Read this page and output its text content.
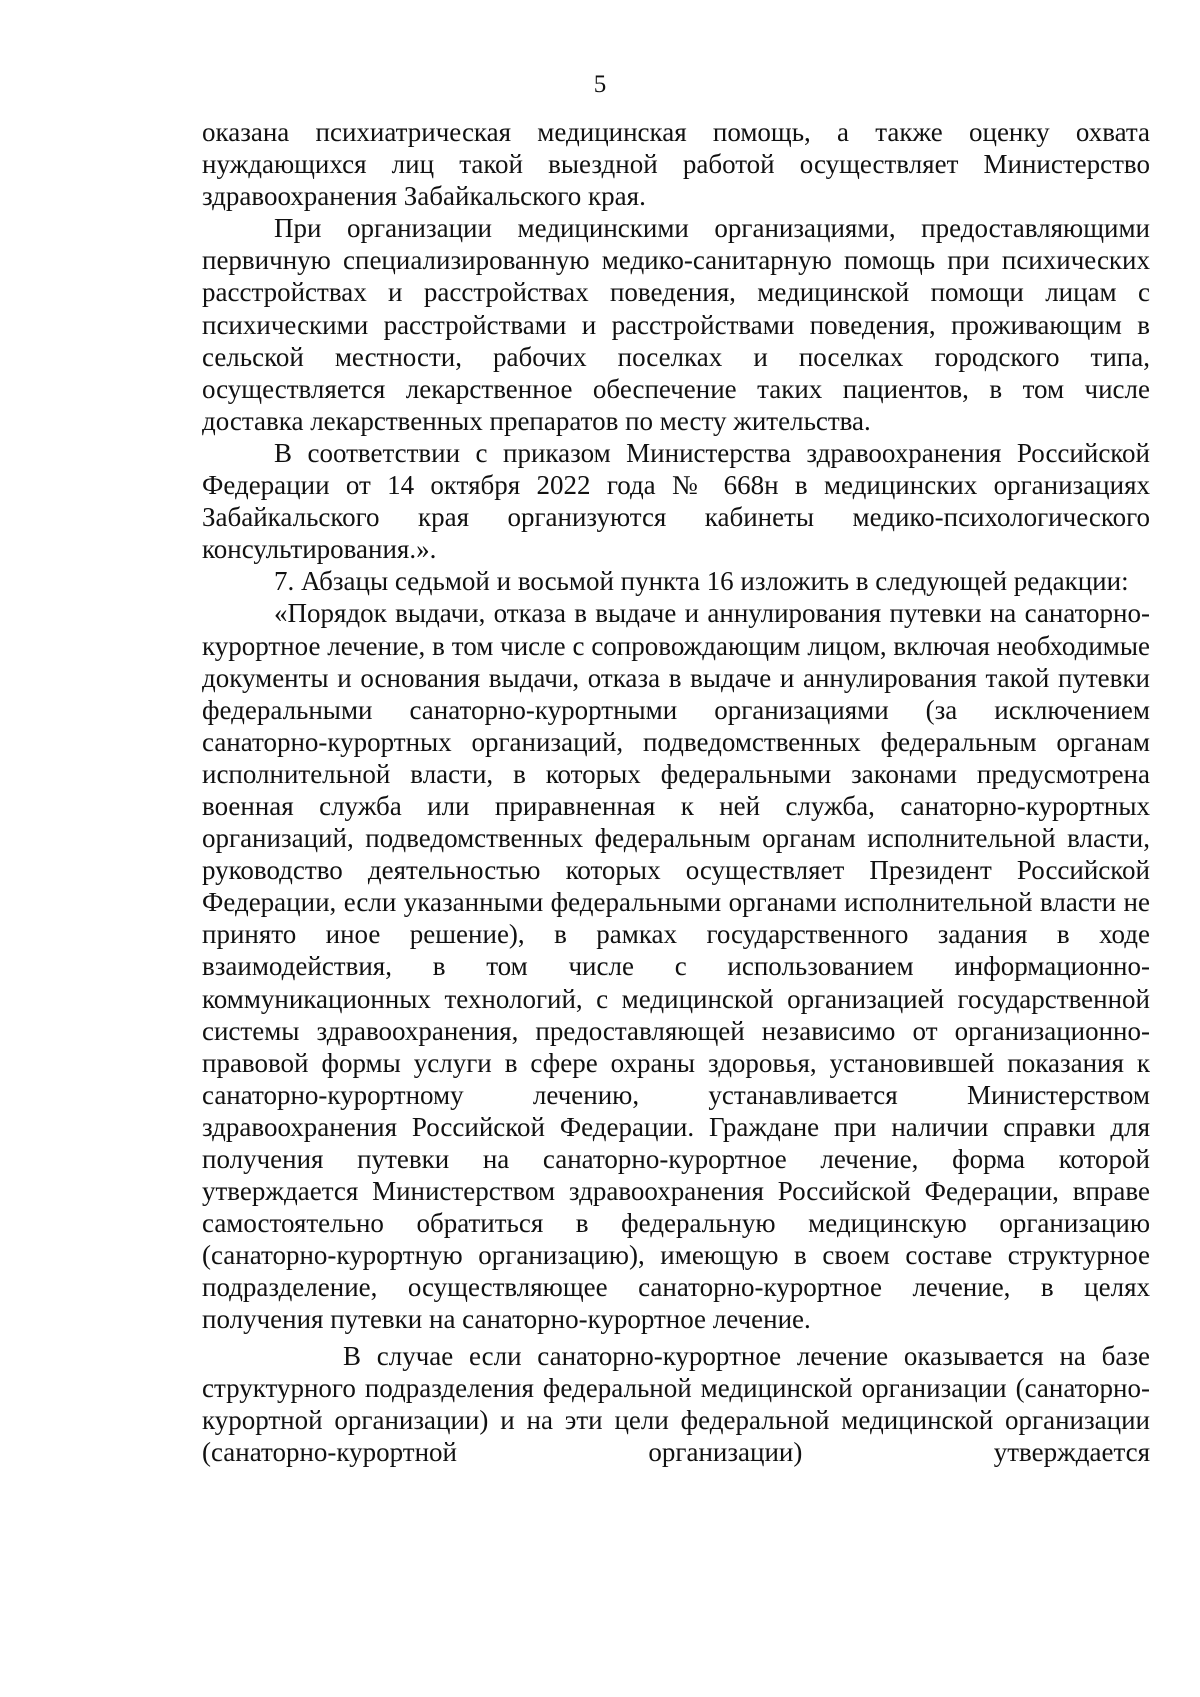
5

оказана психиатрическая медицинская помощь, а также оценку охвата нуждающихся лиц такой выездной работой осуществляет Министерство здравоохранения Забайкальского края.

При организации медицинскими организациями, предоставляющими первичную специализированную медико-санитарную помощь при психических расстройствах и расстройствах поведения, медицинской помощи лицам с психическими расстройствами и расстройствами поведения, проживающим в сельской местности, рабочих поселках и поселках городского типа, осуществляется лекарственное обеспечение таких пациентов, в том числе доставка лекарственных препаратов по месту жительства.

В соответствии с приказом Министерства здравоохранения Российской Федерации от 14 октября 2022 года № 668н в медицинских организациях Забайкальского края организуются кабинеты медико-психологического консультирования.».

7. Абзацы седьмой и восьмой пункта 16 изложить в следующей редакции:

«Порядок выдачи, отказа в выдаче и аннулирования путевки на санаторно-курортное лечение, в том числе с сопровождающим лицом, включая необходимые документы и основания выдачи, отказа в выдаче и аннулирования такой путевки федеральными санаторно-курортными организациями (за исключением санаторно-курортных организаций, подведомственных федеральным органам исполнительной власти, в которых федеральными законами предусмотрена военная служба или приравненная к ней служба, санаторно-курортных организаций, подведомственных федеральным органам исполнительной власти, руководство деятельностью которых осуществляет Президент Российской Федерации, если указанными федеральными органами исполнительной власти не принято иное решение), в рамках государственного задания в ходе взаимодействия, в том числе с использованием информационно-коммуникационных технологий, с медицинской организацией государственной системы здравоохранения, предоставляющей независимо от организационно-правовой формы услуги в сфере охраны здоровья, установившей показания к санаторно-курортному лечению, устанавливается Министерством здравоохранения Российской Федерации. Граждане при наличии справки для получения путевки на санаторно-курортное лечение, форма которой утверждается Министерством здравоохранения Российской Федерации, вправе самостоятельно обратиться в федеральную медицинскую организацию (санаторно-курортную организацию), имеющую в своем составе структурное подразделение, осуществляющее санаторно-курортное лечение, в целях получения путевки на санаторно-курортное лечение.

В случае если санаторно-курортное лечение оказывается на базе структурного подразделения федеральной медицинской организации (санаторно-курортной организации) и на эти цели федеральной медицинской организации (санаторно-курортной организации) утверждается
